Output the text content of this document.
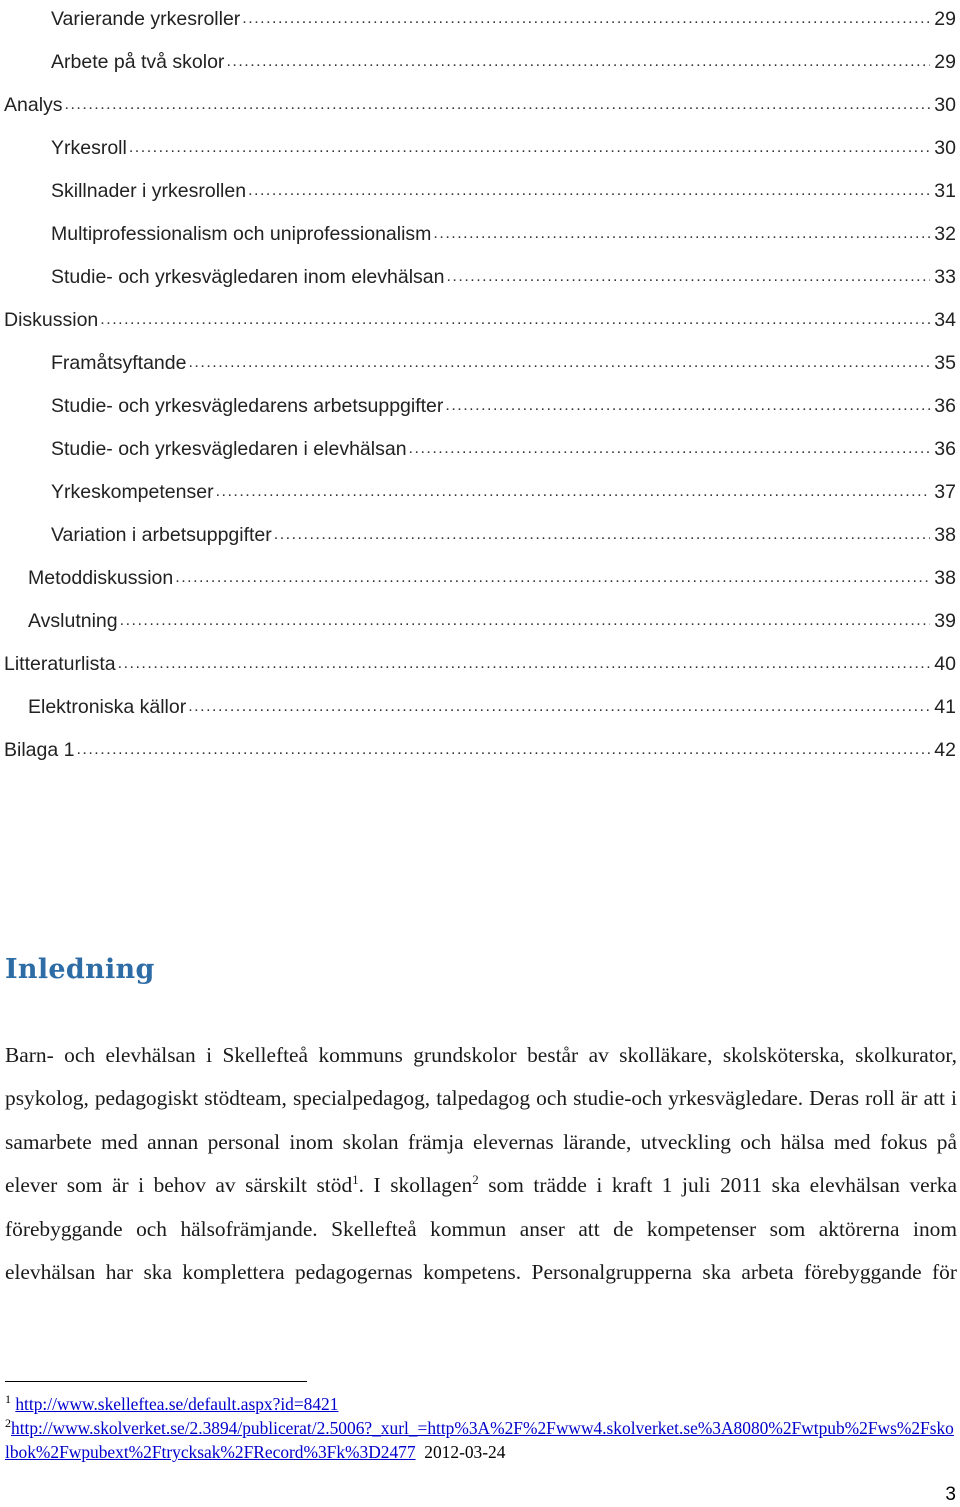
Varierande yrkesroller .....	29
Arbete på två skolor .....	29
Analys .....	30
Yrkesroll .....	30
Skillnader i yrkesrollen .....	31
Multiprofessionalism och uniprofessionalism .....	32
Studie- och yrkesvägledaren inom elevhälsan .....	33
Diskussion .....	34
Framåtsyftande .....	35
Studie- och yrkesvägledarens arbetsuppgifter .....	36
Studie- och yrkesvägledaren i elevhälsan .....	36
Yrkeskompetenser .....	37
Variation i arbetsuppgifter .....	38
Metoddiskussion .....	38
Avslutning .....	39
Litteraturlista .....	40
Elektroniska källor .....	41
Bilaga 1 .....	42
Inledning

Barn- och elevhälsan i Skellefteå kommuns grundskolor består av skolläkare, skolsköterska, skolkurator, psykolog, pedagogiskt stödteam, specialpedagog, talpedagog och studie-och yrkesvägledare. Deras roll är att i samarbete med annan personal inom skolan främja elevernas lärande, utveckling och hälsa med fokus på elever som är i behov av särskilt stöd$^1$. I skollagen$^2$ som trädde i kraft 1 juli 2011 ska elevhälsan verka förebyggande och hälsofrämjande. Skellefteå kommun anser att de kompetenser som aktörerna inom elevhälsan har ska komplettera pedagogernas kompetens. Personalgrupperna ska arbeta förebyggande för

$^1$ http://www.skelleftea.se/default.aspx?id=8421
$^2$http://www.skolverket.se/2.3894/publicerat/2.5006?_xurl_=http%3A%2F%2Fwww4.skolverket.se%3A8080%2Fwtpub%2Fws%2Fskolbok%2Fwpubext%2Ftrycksak%2FRecord%3Fk%3D2477 2012-03-24
3
